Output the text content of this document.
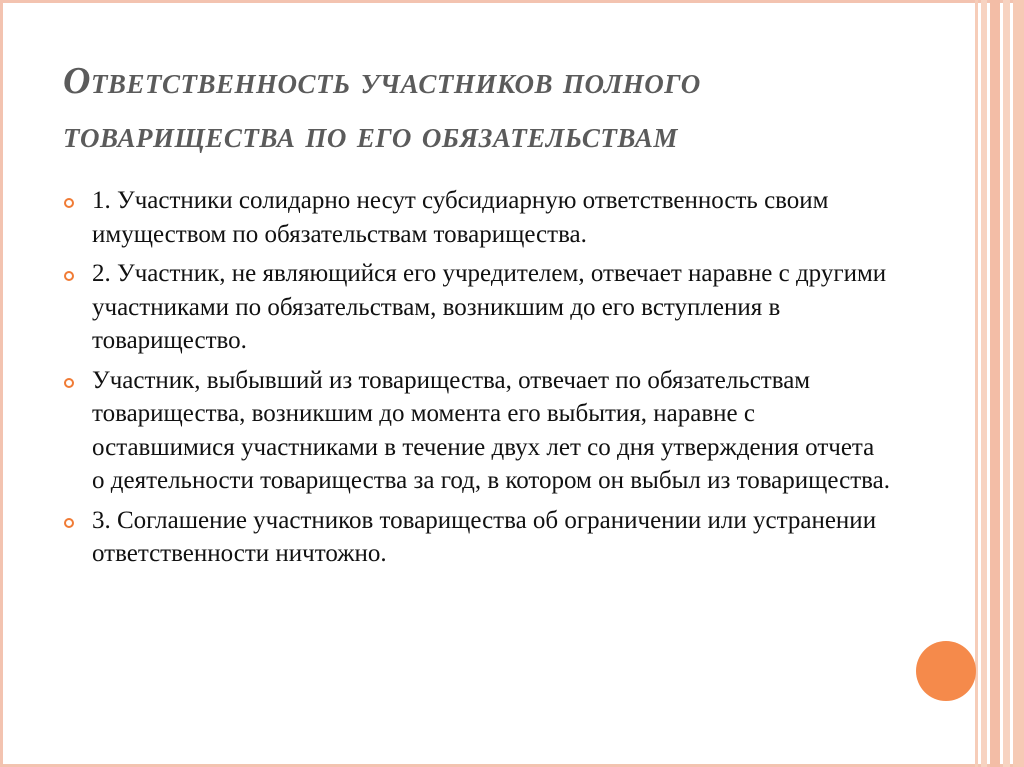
Ответственность участников полного товарищества по его обязательствам
1. Участники солидарно несут субсидиарную ответственность своим имуществом по обязательствам товарищества.
2. Участник, не являющийся его учредителем, отвечает наравне с другими участниками по обязательствам, возникшим до его вступления в товарищество.
Участник, выбывший из товарищества, отвечает по обязательствам товарищества, возникшим до момента его выбытия, наравне с оставшимися участниками в течение двух лет со дня утверждения отчета о деятельности товарищества за год, в котором он выбыл из товарищества.
3. Соглашение участников товарищества об ограничении или устранении ответственности ничтожно.
